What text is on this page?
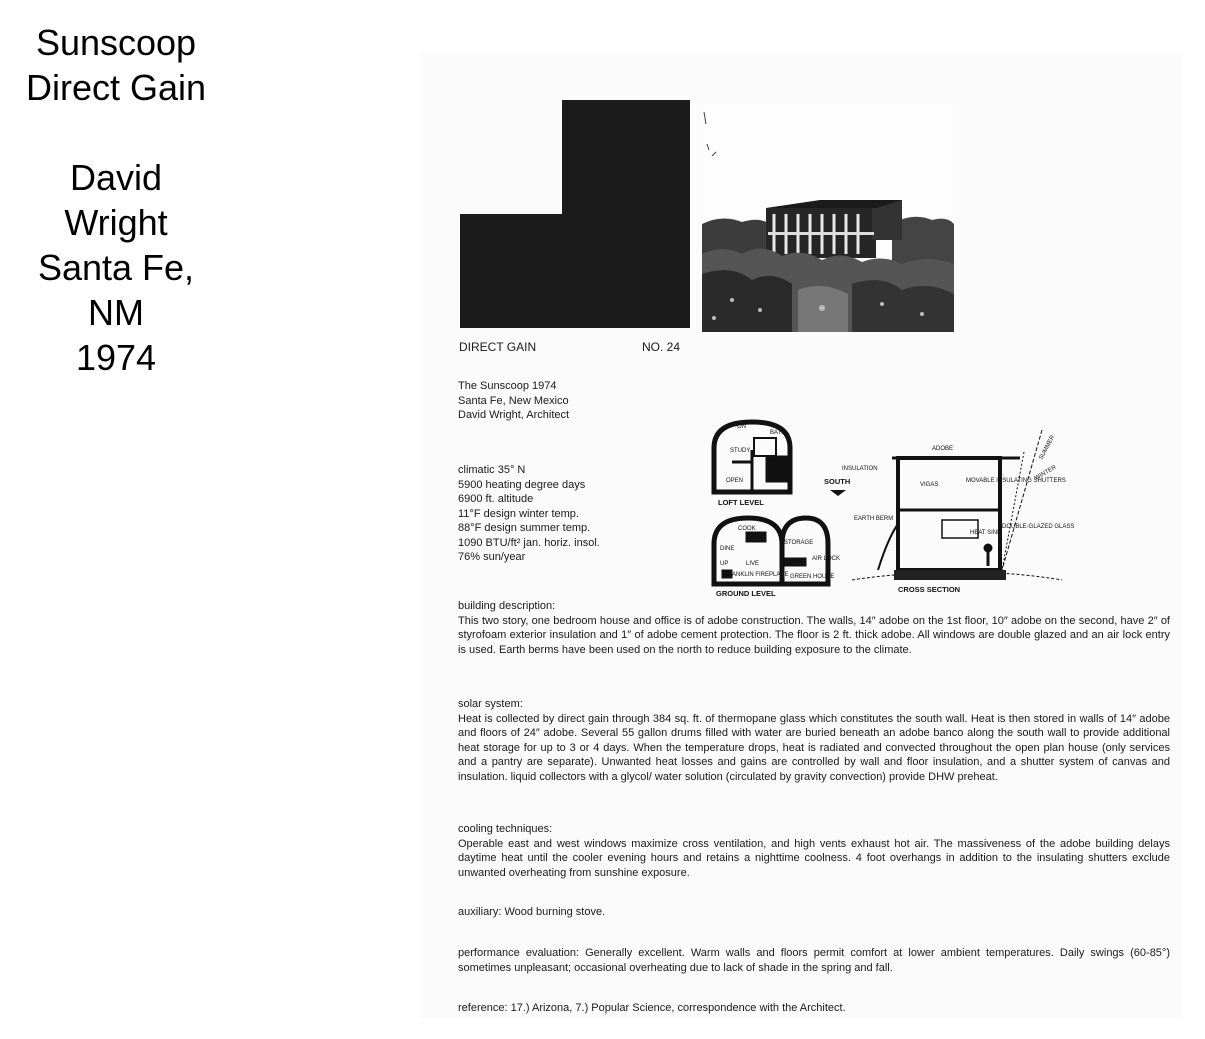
Sunscoop
Direct Gain
David
Wright
Santa Fe,
NM
1974	DIRECT GAIN	NO. 24
The Sunscoop 1974
Santa Fe, New Mexico
David Wright, Architect
climatic 35° N
5900 heating degree days
6900 ft. altitude
11°F design winter temp.
88°F design summer temp.
1090 BTU/ft² jan. horiz. insol.
76% sun/year
ON
BATH
STUDY
SLEEP
OPEN
LOFT LEVEL
SOUTH
COOK
DINE
STORAGE
UP	LIVE
GREEN HOUSE
AIR LOCK
FRANKLIN FIREPLACE
GROUND LEVEL
INSULATION
ADOBE
VIGAS
MOVABLE INSULATING SHUTTERS
EARTH BERM
HEAT SINK
DOUBLE-GLAZED GLASS
SUMMER
WINTER
CROSS SECTION
building description:
This two story, one bedroom house and office is of adobe construction. The walls, 14″ adobe on the 1st floor, 10″ adobe on the second, have 2″ of styrofoam exterior insulation and 1″ of adobe cement protection. The floor is 2 ft. thick adobe. All windows are double glazed and an air lock entry is used. Earth berms have been used on the north to reduce building exposure to the climate.
solar system:
Heat is collected by direct gain through 384 sq. ft. of thermopane glass which constitutes the south wall. Heat is then stored in walls of 14″ adobe and floors of 24″ adobe. Several 55 gallon drums filled with water are buried beneath an adobe banco along the south wall to provide additional heat storage for up to 3 or 4 days. When the temperature drops, heat is radiated and convected throughout the open plan house (only services and a pantry are separate). Unwanted heat losses and gains are controlled by wall and floor insulation, and a shutter system of canvas and insulation. liquid collectors with a glycol/ water solution (circulated by gravity convection) provide DHW preheat.
cooling techniques:
Operable east and west windows maximize cross ventilation, and high vents exhaust hot air. The massiveness of the adobe building delays daytime heat until the cooler evening hours and retains a nighttime coolness. 4 foot overhangs in addition to the insulating shutters exclude unwanted overheating from sunshine exposure.
auxiliary: Wood burning stove.
performance evaluation: Generally excellent. Warm walls and floors permit comfort at lower ambient temperatures. Daily swings (60-85°) sometimes unpleasant; occasional overheating due to lack of shade in the spring and fall.
reference: 17.) Arizona, 7.) Popular Science, correspondence with the Architect.
